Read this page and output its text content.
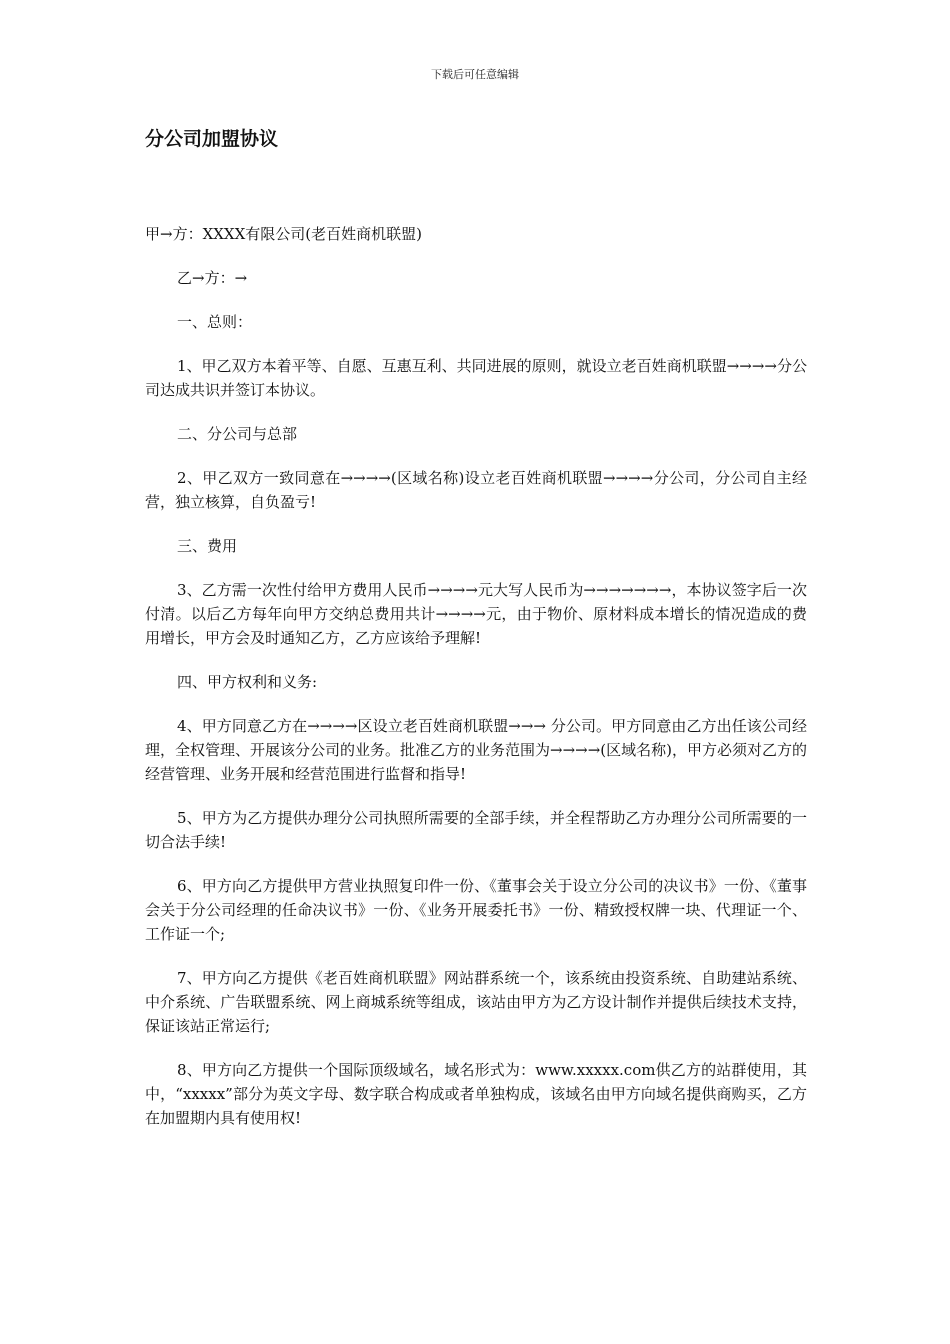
下载后可任意编辑
分公司加盟协议

甲→方：XXXX有限公司(老百姓商机联盟)

乙→方：→

一、总则：

1、甲乙双方本着平等、自愿、互惠互利、共同进展的原则，就设立老百姓商机联盟→→→→分公司达成共识并签订本协议。

二、分公司与总部

2、甲乙双方一致同意在→→→→(区域名称)设立老百姓商机联盟→→→→分公司，分公司自主经营，独立核算，自负盈亏!

三、费用

3、乙方需一次性付给甲方费用人民币→→→→元大写人民币为→→→→→→→，本协议签字后一次付清。以后乙方每年向甲方交纳总费用共计→→→→元，由于物价、原材料成本增长的情况造成的费用增长，甲方会及时通知乙方，乙方应该给予理解!

四、甲方权利和义务:

4、甲方同意乙方在→→→→区设立老百姓商机联盟→→→ 分公司。甲方同意由乙方出任该公司经理，全权管理、开展该分公司的业务。批准乙方的业务范围为→→→→(区域名称)，甲方必须对乙方的经营管理、业务开展和经营范围进行监督和指导!

5、甲方为乙方提供办理分公司执照所需要的全部手续，并全程帮助乙方办理分公司所需要的一切合法手续!

6、甲方向乙方提供甲方营业执照复印件一份、《董事会关于设立分公司的决议书》一份、《董事会关于分公司经理的任命决议书》一份、《业务开展委托书》一份、精致授权牌一块、代理证一个、工作证一个;

7、甲方向乙方提供《老百姓商机联盟》网站群系统一个，该系统由投资系统、自助建站系统、中介系统、广告联盟系统、网上商城系统等组成，该站由甲方为乙方设计制作并提供后续技术支持，保证该站正常运行;

8、甲方向乙方提供一个国际顶级域名，域名形式为：www.xxxxx.com供乙方的站群使用，其中，“xxxxx”部分为英文字母、数字联合构成或者单独构成，该域名由甲方向域名提供商购买，乙方在加盟期内具有使用权!
